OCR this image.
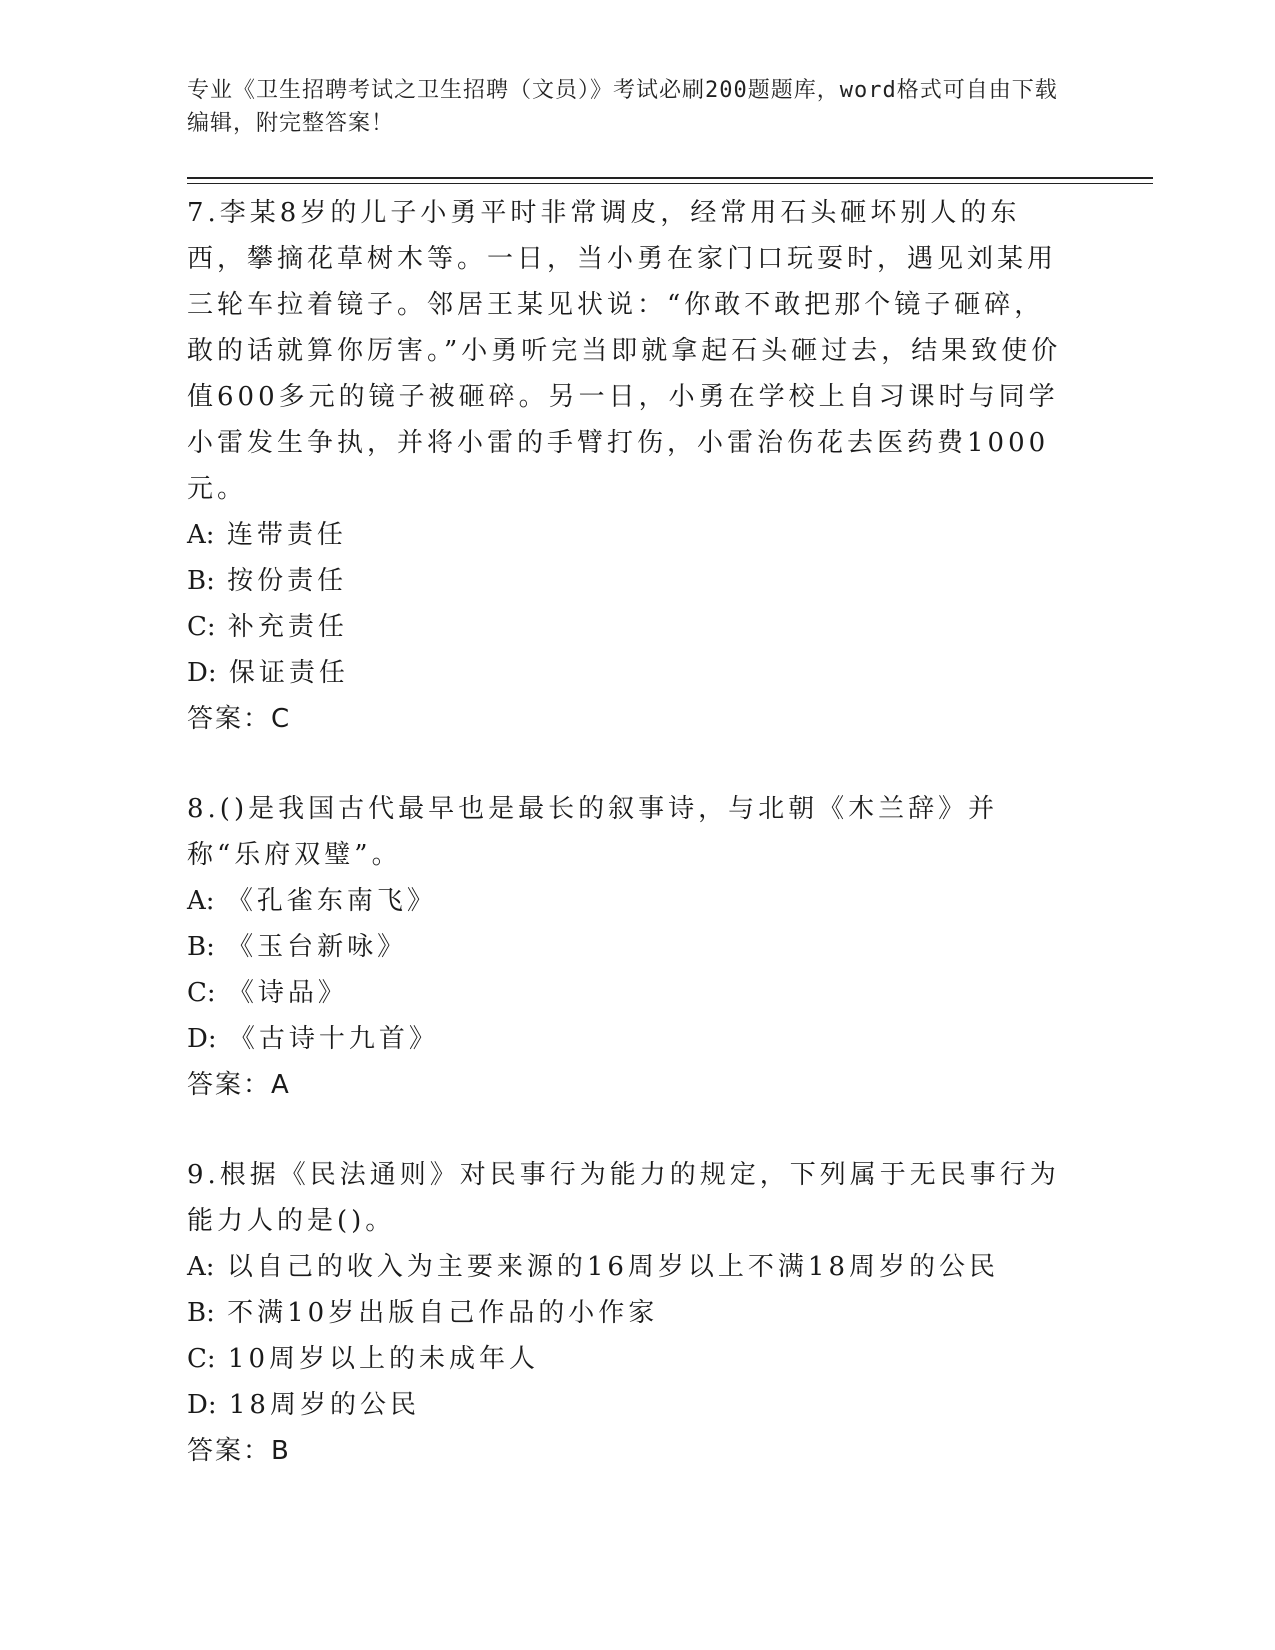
专业《卫生招聘考试之卫生招聘（文员）》考试必刷200题题库，word格式可自由下载编辑，附完整答案！

7.李某8岁的儿子小勇平时非常调皮，经常用石头砸坏别人的东西，攀摘花草树木等。一日，当小勇在家门口玩耍时，遇见刘某用三轮车拉着镜子。邻居王某见状说：“你敢不敢把那个镜子砸碎，敢的话就算你厉害。”小勇听完当即就拿起石头砸过去，结果致使价值600多元的镜子被砸碎。另一日，小勇在学校上自习课时与同学小雷发生争执，并将小雷的手臂打伤，小雷治伤花去医药费1000元。

A: 连带责任

B: 按份责任

C: 补充责任

D: 保证责任

答案：C

8.()是我国古代最早也是最长的叙事诗，与北朝《木兰辞》并称“乐府双璧”。

A: 《孔雀东南飞》

B: 《玉台新咏》

C: 《诗品》

D: 《古诗十九首》

答案：A

9.根据《民法通则》对民事行为能力的规定，下列属于无民事行为能力人的是()。

A: 以自己的收入为主要来源的16周岁以上不满18周岁的公民

B: 不满10岁出版自己作品的小作家

C: 10周岁以上的未成年人

D: 18周岁的公民

答案：B
